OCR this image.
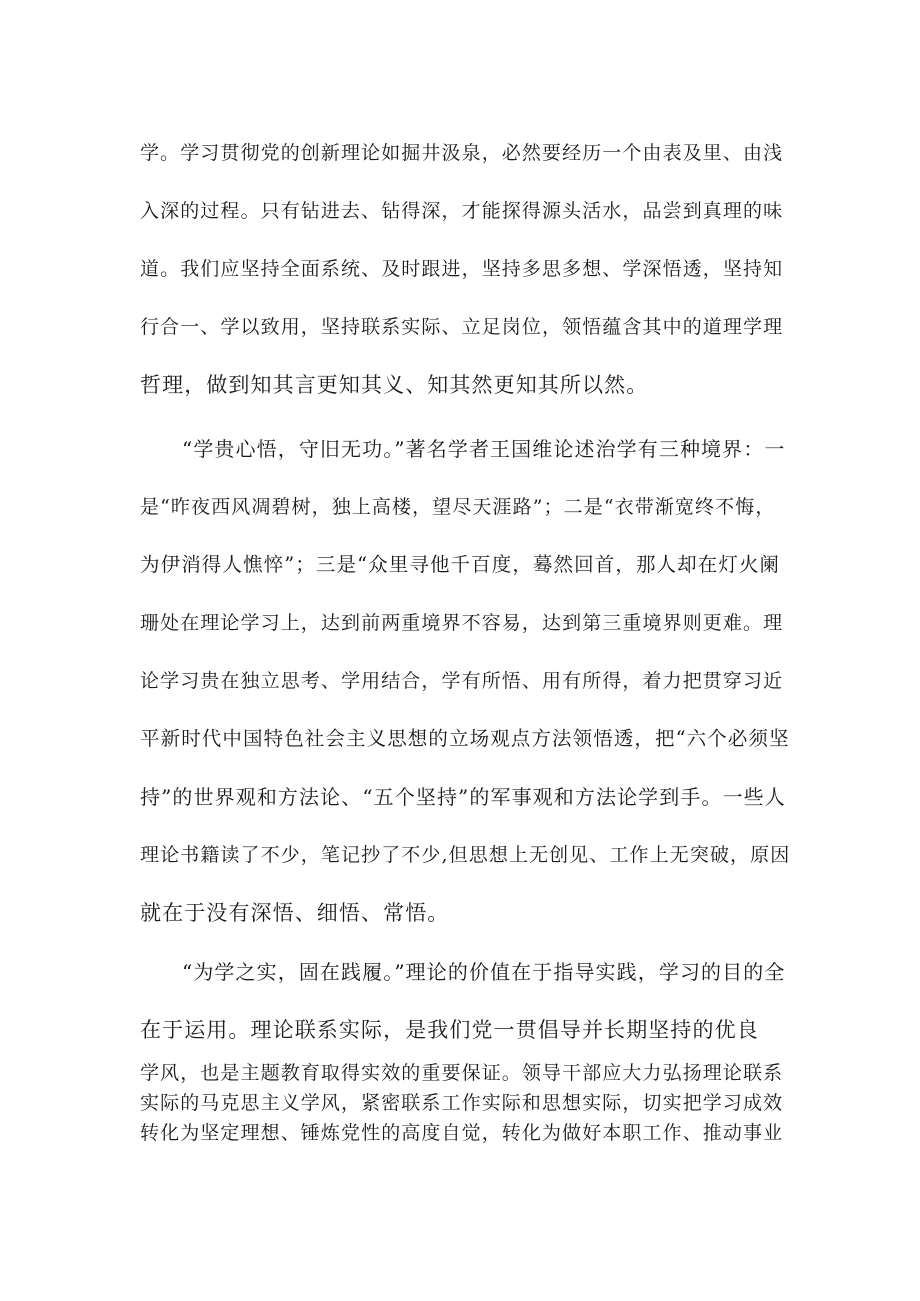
学。学习贯彻党的创新理论如掘井汲泉，必然要经历一个由表及里、由浅
入深的过程。只有钻进去、钻得深，才能探得源头活水，品尝到真理的味
道。我们应坚持全面系统、及时跟进，坚持多思多想、学深悟透，坚持知
行合一、学以致用，坚持联系实际、立足岗位，领悟蕴含其中的道理学理
哲理，做到知其言更知其义、知其然更知其所以然。
“学贵心悟，守旧无功。”著名学者王国维论述治学有三种境界：一
是“昨夜西风凋碧树，独上高楼，望尽天涯路”；二是“衣带渐宽终不悔，
为伊消得人憔悴”；三是“众里寻他千百度，蓦然回首，那人却在灯火阑
珊处在理论学习上，达到前两重境界不容易，达到第三重境界则更难。理
论学习贵在独立思考、学用结合，学有所悟、用有所得，着力把贯穿习近
平新时代中国特色社会主义思想的立场观点方法领悟透，把“六个必须坚
持”的世界观和方法论、“五个坚持”的军事观和方法论学到手。一些人
理论书籍读了不少，笔记抄了不少,但思想上无创见、工作上无突破，原因
就在于没有深悟、细悟、常悟。
“为学之实，固在践履。”理论的价值在于指导实践，学习的目的全
在于运用。理论联系实际，是我们党一贯倡导并长期坚持的优良
学风，也是主题教育取得实效的重要保证。领导干部应大力弘扬理论联系
实际的马克思主义学风，紧密联系工作实际和思想实际，切实把学习成效
转化为坚定理想、锤炼党性的高度自觉，转化为做好本职工作、推动事业
